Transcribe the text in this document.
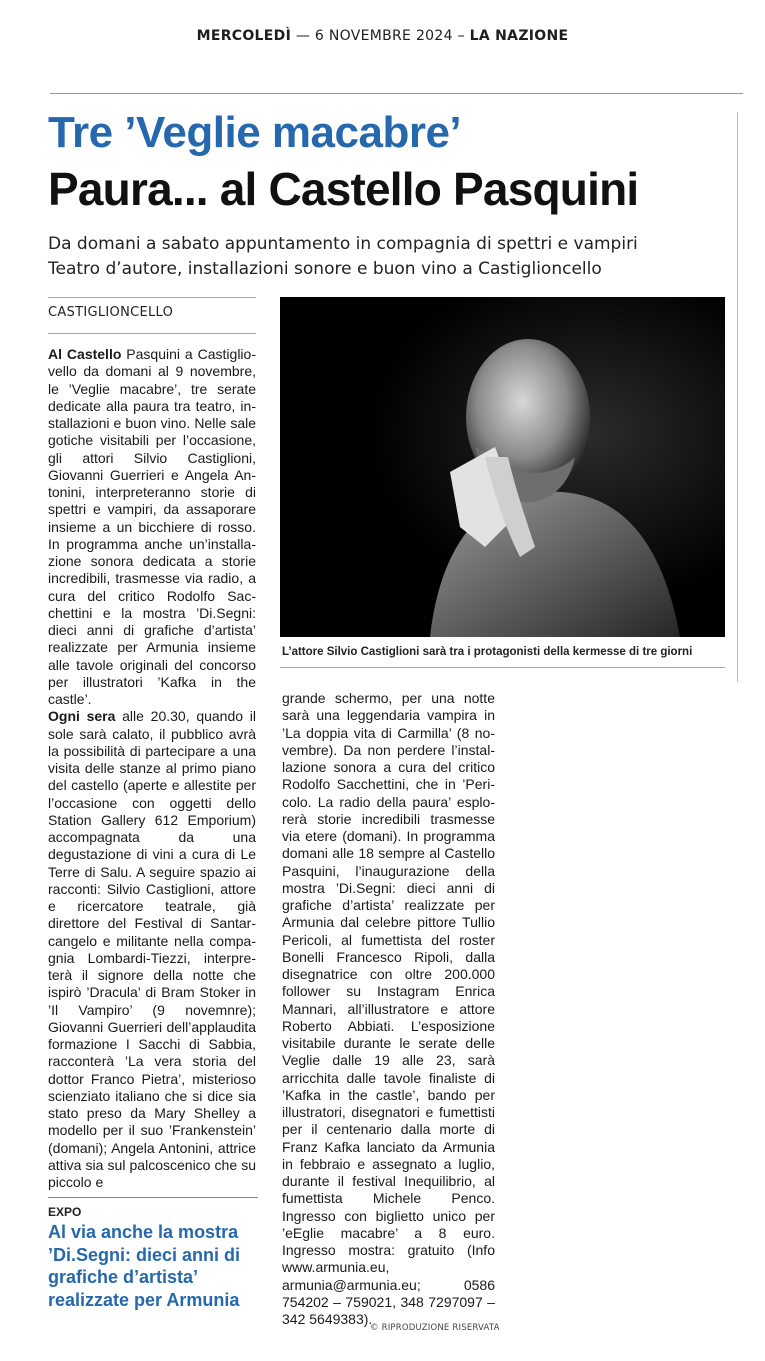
MERCOLEDÌ — 6 NOVEMBRE 2024 – LA NAZIONE
Tre ’Veglie macabre’
Paura... al Castello Pasquini
Da domani a sabato appuntamento in compagnia di spettri e vampiri
Teatro d’autore, installazioni sonore e buon vino a Castiglioncello
CASTIGLIONCELLO

Al Castello Pasquini a Castigliovello da domani al 9 novembre, le ’Veglie macabre’, tre serate dedicate alla paura tra teatro, installazioni e buon vino. Nelle sale gotiche visitabili per l’occasione, gli attori Silvio Castiglioni, Giovanni Guerrieri e Angela Antonini, interpreteranno storie di spettri e vampiri, da assaporare insieme a un bicchiere di rosso. In programma anche un’installazione sonora dedicata a storie incredibili, trasmesse via radio, a cura del critico Rodolfo Sacchettini e la mostra ’Di.Segni: dieci anni di grafiche d’artista’ realizzate per Armunia insieme alle tavole originali del concorso per illustratori ’Kafka in the castle’.

Ogni sera alle 20.30, quando il sole sarà calato, il pubblico avrà la possibilità di partecipare a una visita delle stanze al primo piano del castello (aperte e allestite per l’occasione con oggetti dello Station Gallery 612 Emporium) accompagnata da una degustazione di vini a cura di Le Terre di Salu. A seguire spazio ai racconti: Silvio Castiglioni, attore e ricercatore teatrale, già direttore del Festival di Santarcangelo e militante nella compagnia Lombardi-Tiezzi, interpreterà il signore della notte che ispirò ’Dracula’ di Bram Stoker in ’Il Vampiro’ (9 novemnre); Giovanni Guerrieri dell’applaudita formazione I Sacchi di Sabbia, racconterà ’La vera storia del dottor Franco Pietra’, misterioso scienziato italiano che si dice sia stato preso da Mary Shelley a modello per il suo ’Frankenstein’ (domani); Angela Antonini, attrice attiva sia sul palcoscenico che su piccolo e

L’attore Silvio Castiglioni sarà tra i protagonisti della kermesse di tre giorni

grande schermo, per una notte sarà una leggendaria vampira in ’La doppia vita di Carmilla’ (8 novembre). Da non perdere l’installazione sonora a cura del critico Rodolfo Sacchettini, che in ’Pericolo. La radio della paura’ esplorerà storie incredibili trasmesse via etere (domani). In programma domani alle 18 sempre al Castello Pasquini, l’inaugurazione della mostra ’Di.Segni: dieci anni di grafiche d’artista’ realizzate per Armunia dal celebre pittore Tullio Pericoli, al fumettista del roster Bonelli Francesco Ripoli, dalla disegnatrice con oltre 200.000 follower su Instagram Enrica Mannari, all’illustratore e attore Roberto Abbiati. L’esposizione visitabile durante le serate delle Veglie dalle 19 alle 23, sarà arricchita dalle tavole finaliste di ’Kafka in the castle’, bando per illustratori, disegnatori e fumettisti per il centenario dalla morte di Franz Kafka lanciato da Armunia in febbraio e assegnato a luglio, durante il festival Inequilibrio, al fumettista Michele Penco. Ingresso con biglietto unico per ’eEglie macabre’ a 8 euro. Ingresso mostra: gratuito (Info www.armunia.eu, armunia@armunia.eu; 0586 754202 – 759021, 348 7297097 – 342 5649383).

EXPO
Al via anche la mostra ’Di.Segni: dieci anni di grafiche d’artista’ realizzate per Armunia
© RIPRODUZIONE RISERVATA
